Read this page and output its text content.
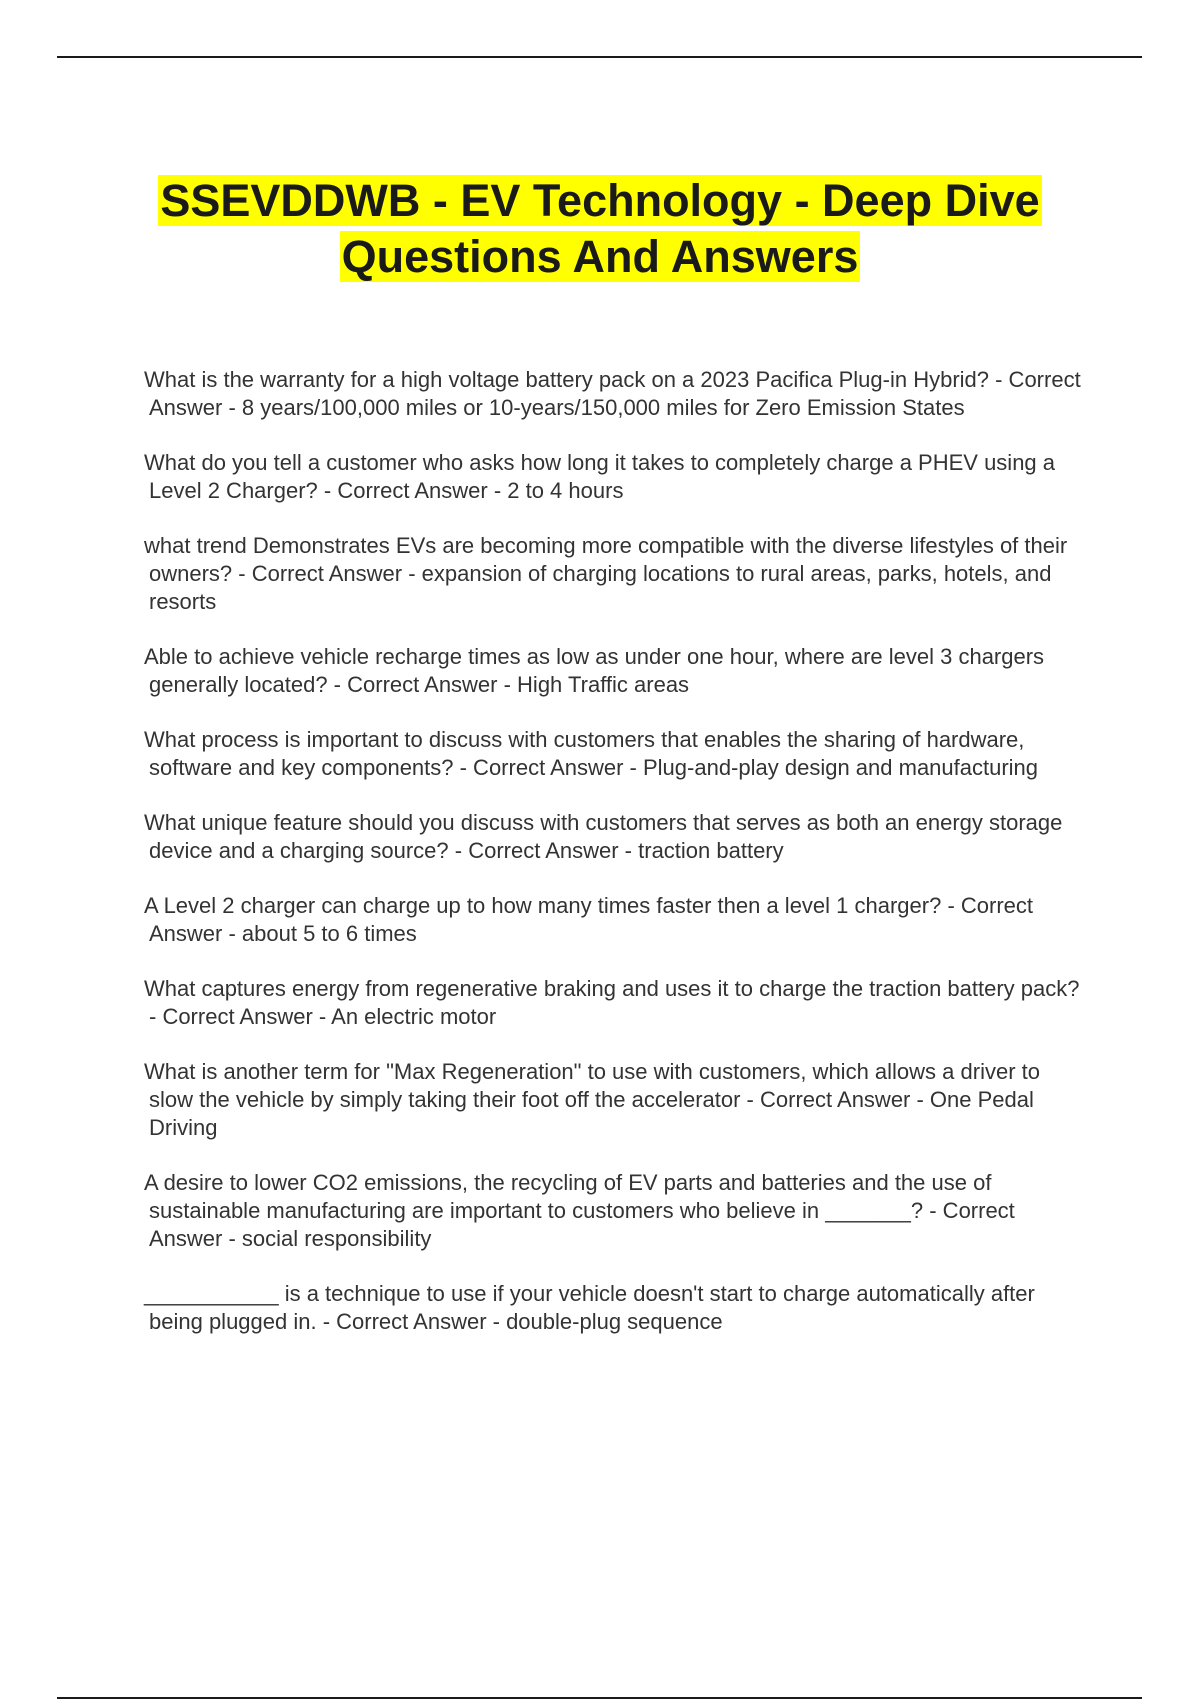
SSEVDDWB - EV Technology - Deep Dive Questions And Answers
What is the warranty for a high voltage battery pack on a 2023 Pacifica Plug-in Hybrid? - Correct Answer - 8 years/100,000 miles or 10-years/150,000 miles for Zero Emission States
What do you tell a customer who asks how long it takes to completely charge a PHEV using a Level 2 Charger? - Correct Answer - 2 to 4 hours
what trend Demonstrates EVs are becoming more compatible with the diverse lifestyles of their owners? - Correct Answer - expansion of charging locations to rural areas, parks, hotels, and resorts
Able to achieve vehicle recharge times as low as under one hour, where are level 3 chargers generally located? - Correct Answer - High Traffic areas
What process is important to discuss with customers that enables the sharing of hardware, software and key components? - Correct Answer - Plug-and-play design and manufacturing
What unique feature should you discuss with customers that serves as both an energy storage device and a charging source? - Correct Answer - traction battery
A Level 2 charger can charge up to how many times faster then a level 1 charger? - Correct Answer - about 5 to 6 times
What captures energy from regenerative braking and uses it to charge the traction battery pack? - Correct Answer - An electric motor
What is another term for "Max Regeneration" to use with customers, which allows a driver to slow the vehicle by simply taking their foot off the accelerator - Correct Answer - One Pedal Driving
A desire to lower CO2 emissions, the recycling of EV parts and batteries and the use of sustainable manufacturing are important to customers who believe in _______? - Correct Answer - social responsibility
___________ is a technique to use if your vehicle doesn't start to charge automatically after being plugged in. - Correct Answer - double-plug sequence
